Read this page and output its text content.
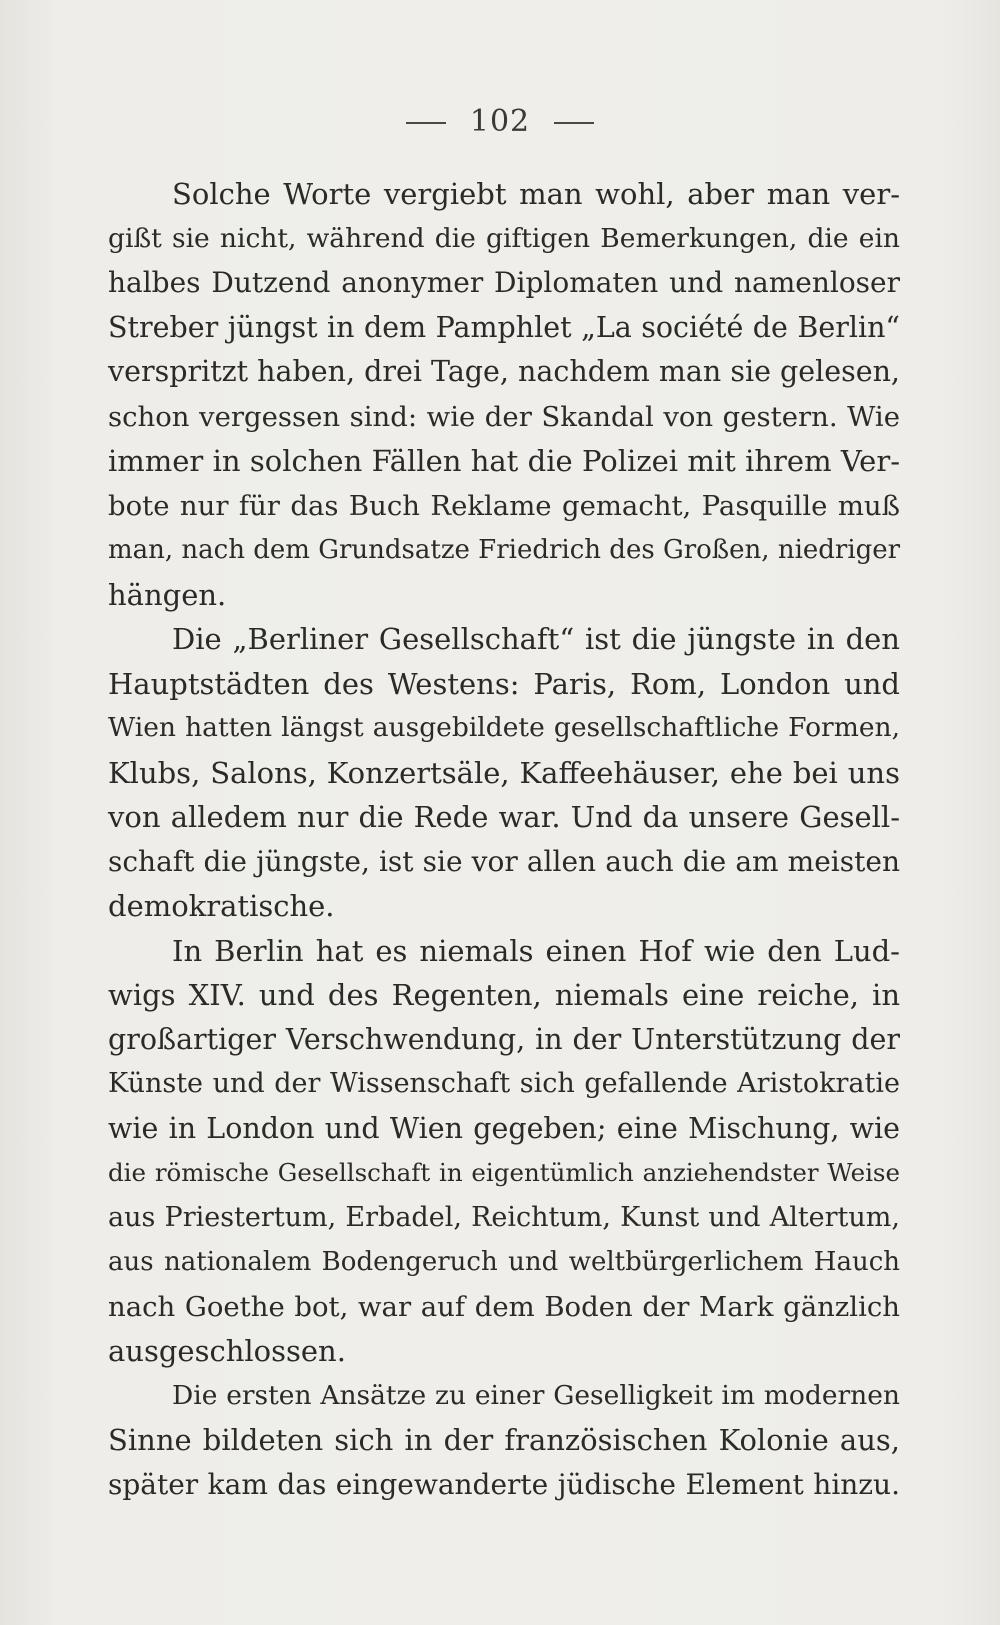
102
Solche Worte vergiebt man wohl, aber man ver-
gißt sie nicht, während die giftigen Bemerkungen, die ein
halbes Dutzend anonymer Diplomaten und namenloser
Streber jüngst in dem Pamphlet „La société de Berlin“
verspritzt haben, drei Tage, nachdem man sie gelesen,
schon vergessen sind: wie der Skandal von gestern. Wie
immer in solchen Fällen hat die Polizei mit ihrem Ver-
bote nur für das Buch Reklame gemacht, Pasquille muß
man, nach dem Grundsatze Friedrich des Großen, niedriger
hängen.
Die „Berliner Gesellschaft“ ist die jüngste in den
Hauptstädten des Westens: Paris, Rom, London und
Wien hatten längst ausgebildete gesellschaftliche Formen,
Klubs, Salons, Konzertsäle, Kaffeehäuser, ehe bei uns
von alledem nur die Rede war. Und da unsere Gesell-
schaft die jüngste, ist sie vor allen auch die am meisten
demokratische.
In Berlin hat es niemals einen Hof wie den Lud-
wigs XIV. und des Regenten, niemals eine reiche, in
großartiger Verschwendung, in der Unterstützung der
Künste und der Wissenschaft sich gefallende Aristokratie
wie in London und Wien gegeben; eine Mischung, wie
die römische Gesellschaft in eigentümlich anziehendster Weise
aus Priestertum, Erbadel, Reichtum, Kunst und Altertum,
aus nationalem Bodengeruch und weltbürgerlichem Hauch
nach Goethe bot, war auf dem Boden der Mark gänzlich
ausgeschlossen.
Die ersten Ansätze zu einer Geselligkeit im modernen
Sinne bildeten sich in der französischen Kolonie aus,
später kam das eingewanderte jüdische Element hinzu.
